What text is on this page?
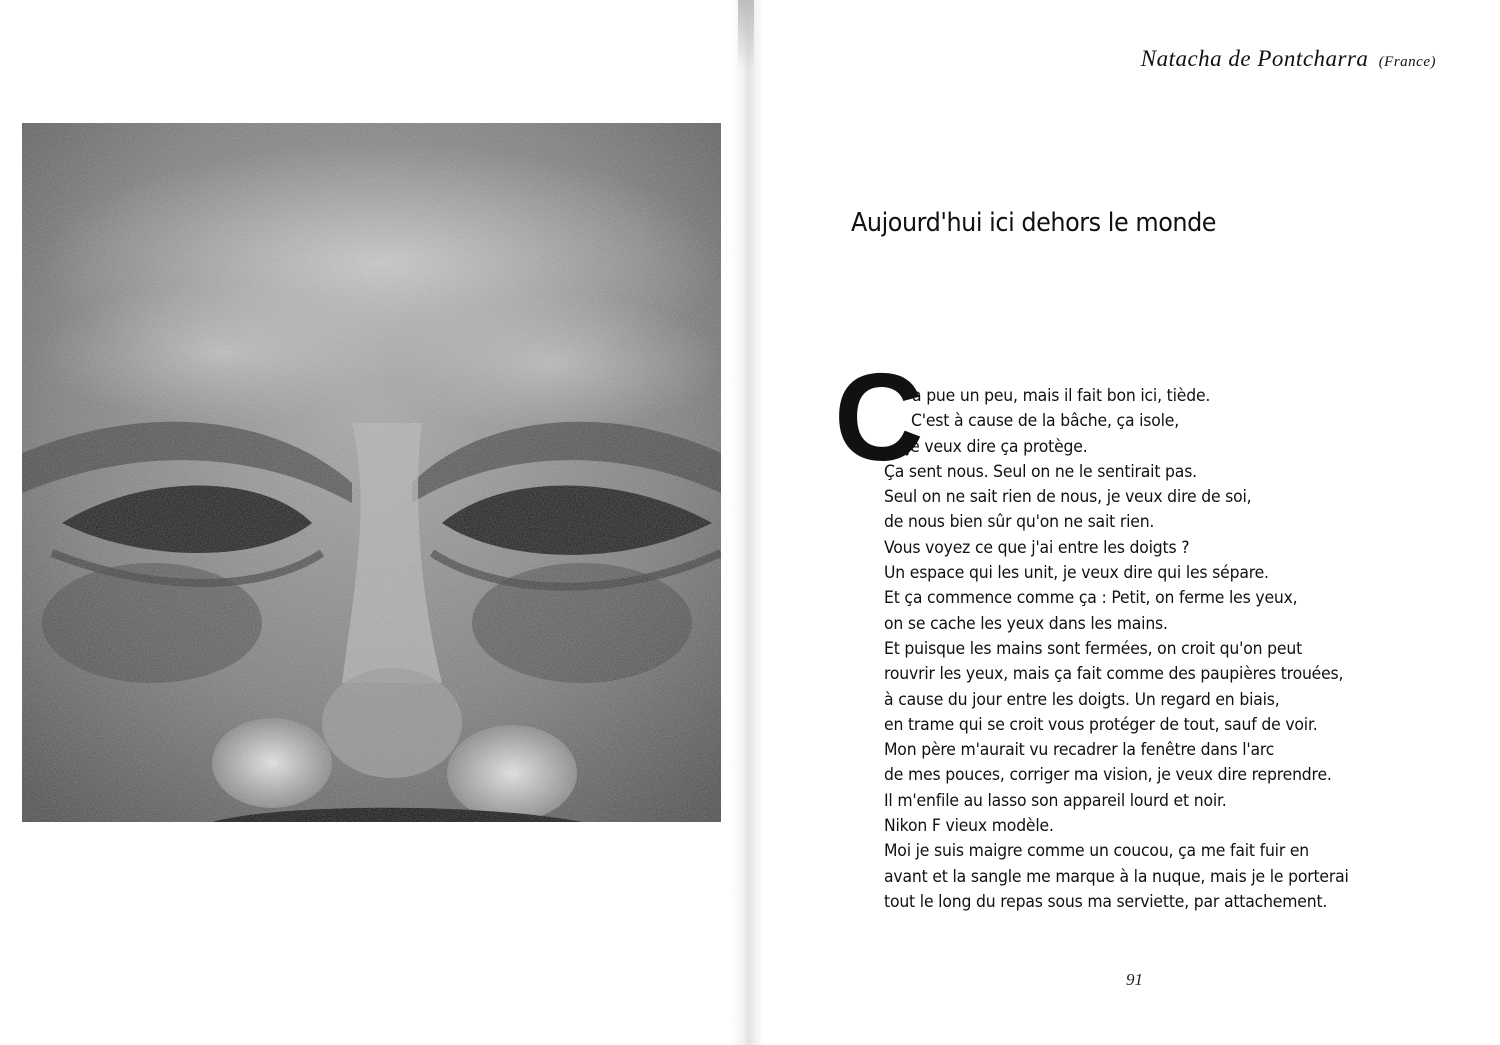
Natacha de Pontcharra (France)
Aujourd'hui ici dehors le monde
C
a pue un peu, mais il fait bon ici, tiède.
C'est à cause de la bâche, ça isole,
je veux dire ça protège.
Ça sent nous. Seul on ne le sentirait pas.
Seul on ne sait rien de nous, je veux dire de soi,
de nous bien sûr qu'on ne sait rien.
Vous voyez ce que j'ai entre les doigts ?
Un espace qui les unit, je veux dire qui les sépare.
Et ça commence comme ça : Petit, on ferme les yeux,
on se cache les yeux dans les mains.
Et puisque les mains sont fermées, on croit qu'on peut
rouvrir les yeux, mais ça fait comme des paupières trouées,
à cause du jour entre les doigts. Un regard en biais,
en trame qui se croit vous protéger de tout, sauf de voir.
Mon père m'aurait vu recadrer la fenêtre dans l'arc
de mes pouces, corriger ma vision, je veux dire reprendre.
Il m'enfile au lasso son appareil lourd et noir.
Nikon F vieux modèle.
Moi je suis maigre comme un coucou, ça me fait fuir en
avant et la sangle me marque à la nuque, mais je le porterai
tout le long du repas sous ma serviette, par attachement.
91
